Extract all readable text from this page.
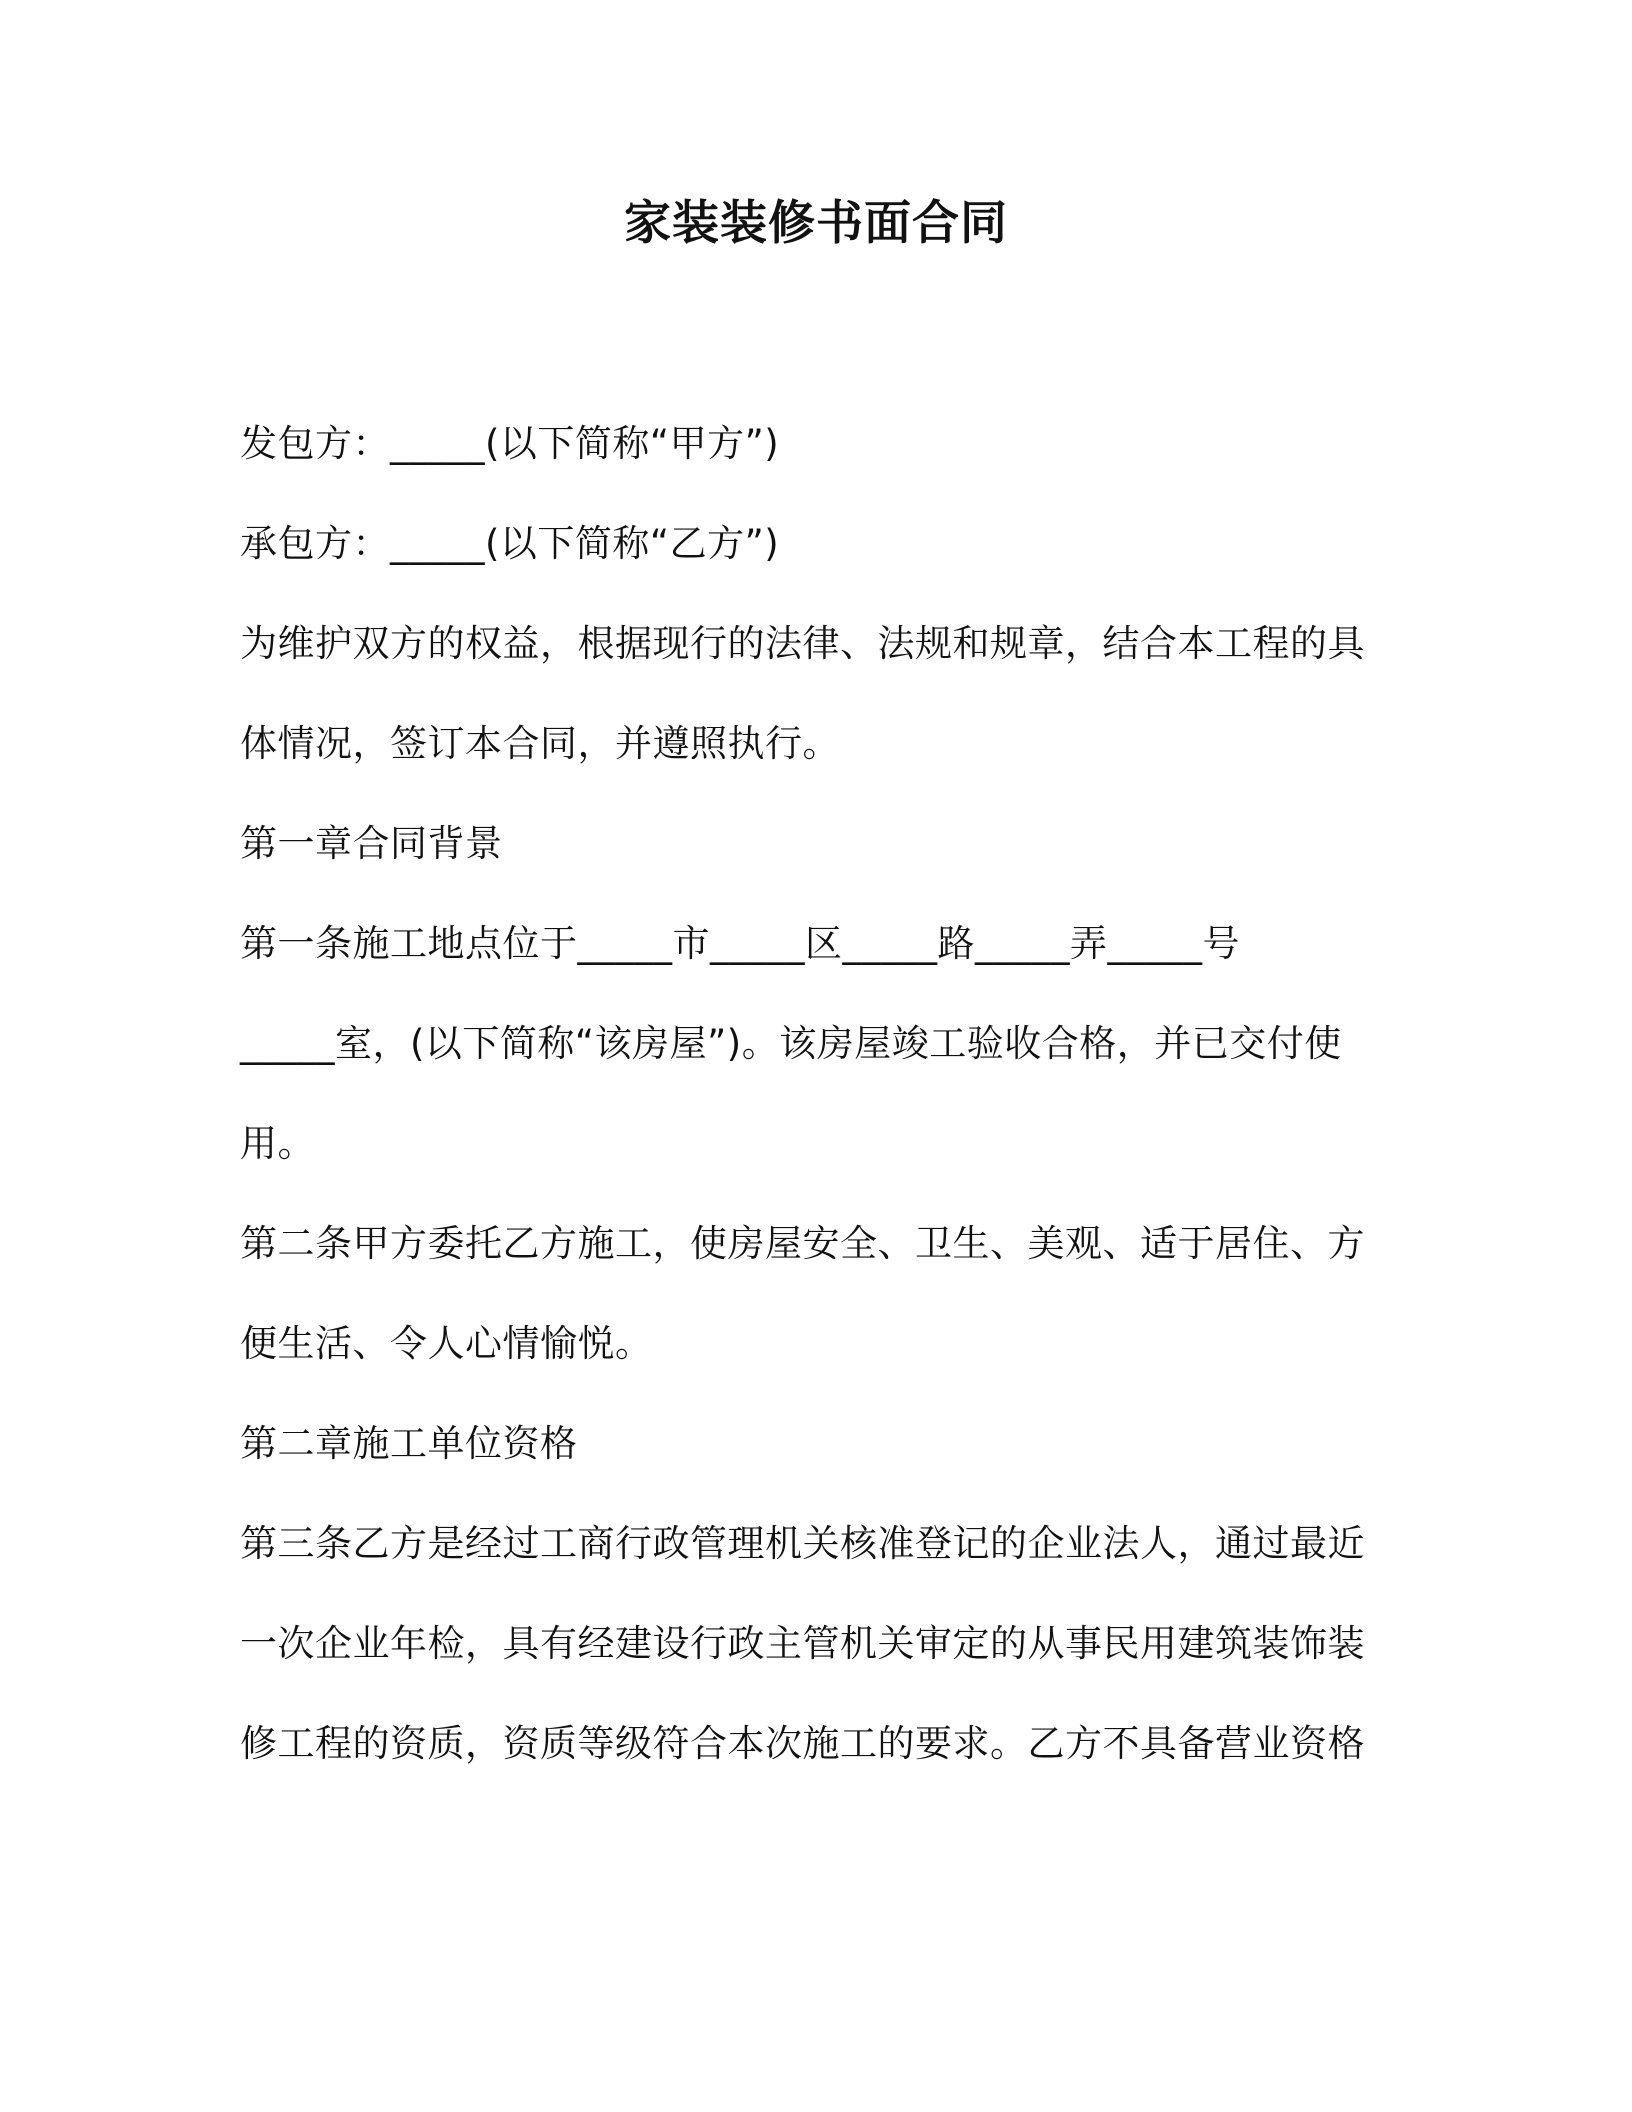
家装装修书面合同
发包方：_____(以下简称“甲方”)
承包方：_____(以下简称“乙方”)
为维护双方的权益，根据现行的法律、法规和规章，结合本工程的具
体情况，签订本合同，并遵照执行。
第一章合同背景
第一条施工地点位于_____市_____区_____路_____弄_____号
_____室，(以下简称“该房屋”)。该房屋竣工验收合格，并已交付使
用。
第二条甲方委托乙方施工，使房屋安全、卫生、美观、适于居住、方
便生活、令人心情愉悦。
第二章施工单位资格
第三条乙方是经过工商行政管理机关核准登记的企业法人，通过最近
一次企业年检，具有经建设行政主管机关审定的从事民用建筑装饰装
修工程的资质，资质等级符合本次施工的要求。乙方不具备营业资格
